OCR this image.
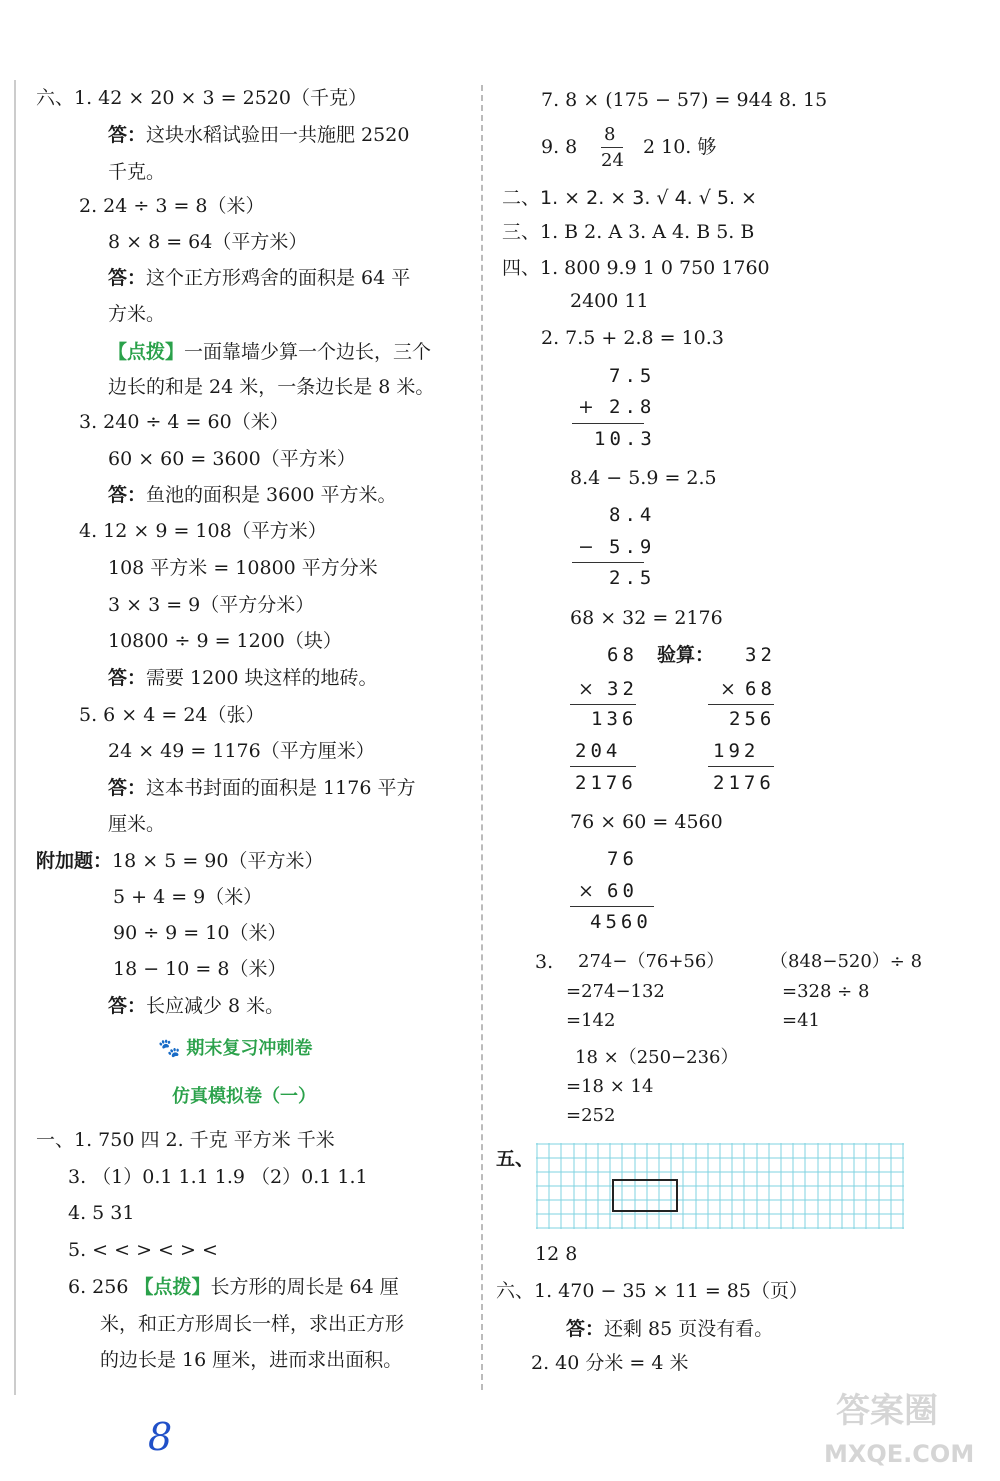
六、1. 42 × 20 × 3 = 2520（千克）
答：这块水稻试验田一共施肥 2520
千克。
2. 24 ÷ 3 = 8（米）
8 × 8 = 64（平方米）
答：这个正方形鸡舍的面积是 64 平
方米。
【点拨】一面靠墙少算一个边长，三个
边长的和是 24 米，一条边长是 8 米。
3. 240 ÷ 4 = 60（米）
60 × 60 = 3600（平方米）
答：鱼池的面积是 3600 平方米。
4. 12 × 9 = 108（平方米）
108 平方米 = 10800 平方分米
3 × 3 = 9（平方分米）
10800 ÷ 9 = 1200（块）
答：需要 1200 块这样的地砖。
5. 6 × 4 = 24（张）
24 × 49 = 1176（平方厘米）
答：这本书封面的面积是 1176 平方
厘米。
附加题：18 × 5 = 90（平方米）
5 + 4 = 9（米）
90 ÷ 9 = 10（米）
18 − 10 = 8（米）
答：长应减少 8 米。
🐾 期末复习冲刺卷
仿真模拟卷（一）
一、1. 750 四 2. 千克 平方米 千米
3. （1）0.1 1.1 1.9 （2）0.1 1.1
4. 5 31
5. < < > < > <
6. 256 【点拨】长方形的周长是 64 厘
米，和正方形周长一样，求出正方形
的边长是 16 厘米，进而求出面积。
7. 8 × (175 − 57) = 944 8. 15
9. 8
8
24
2 10. 够
二、1. × 2. × 3. √ 4. √ 5. ×
三、1. B 2. A 3. A 4. B 5. B
四、1. 800 9.9 1 0 750 1760
2400 11
2. 7.5 + 2.8 = 10.3
7.5
+ 2.8
10.3
8.4 − 5.9 = 2.5
8.4
− 5.9
2.5
68 × 32 = 2176
68
× 32
136
204
2176
验算： 32
× 68
256
192
2176
76 × 60 = 4560
76
× 60
4560
3. 274−（76+56）
=274−132
=142
（848−520）÷ 8
=328 ÷ 8
=41
18 ×（250−236）
=18 × 14
=252
五、
12 8
六、1. 470 − 35 × 11 = 85（页）
答：还剩 85 页没有看。
2. 40 分米 = 4 米
8
答案圈
MXQE.COM
